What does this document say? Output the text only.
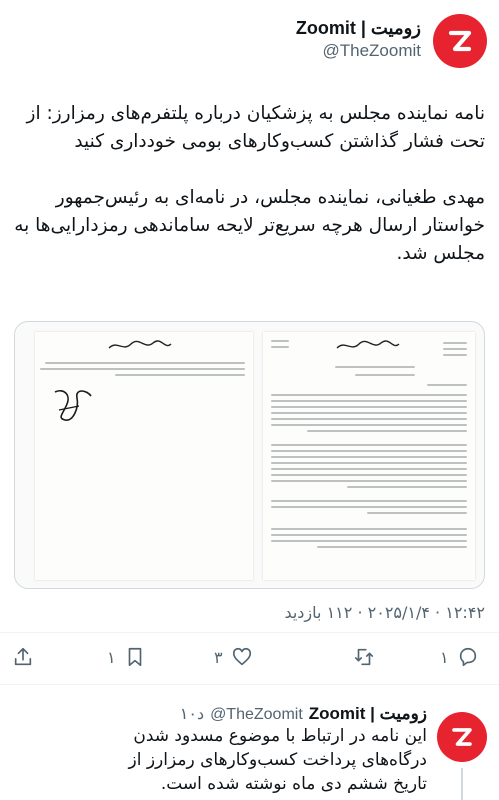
Zoomit | زومیت
@TheZoomit

نامه نماینده مجلس به پزشکیان درباره پلتفرم‌های رمزارز: از تحت فشار گذاشتن کسب‌وکارهای بومی خودداری کنید

مهدی طغیانی، نماینده مجلس، در نامه‌ای به رئیس‌جمهور خواستار ارسال هرچه سریع‌تر لایحه ساماندهی رمزدارایی‌ها به مجلس شد.

۱۲:۴۲ · ۲۰۲۵/۱/۴ · ۱۱۲ بازدید
۱
۳
۱
Zoomit | زومیت
@TheZoomit
۱۰د
این نامه در ارتباط با موضوع مسدود شدن درگاه‌های پرداخت کسب‌وکارهای رمزارز از تاریخ ششم دی ماه نوشته شده است.
